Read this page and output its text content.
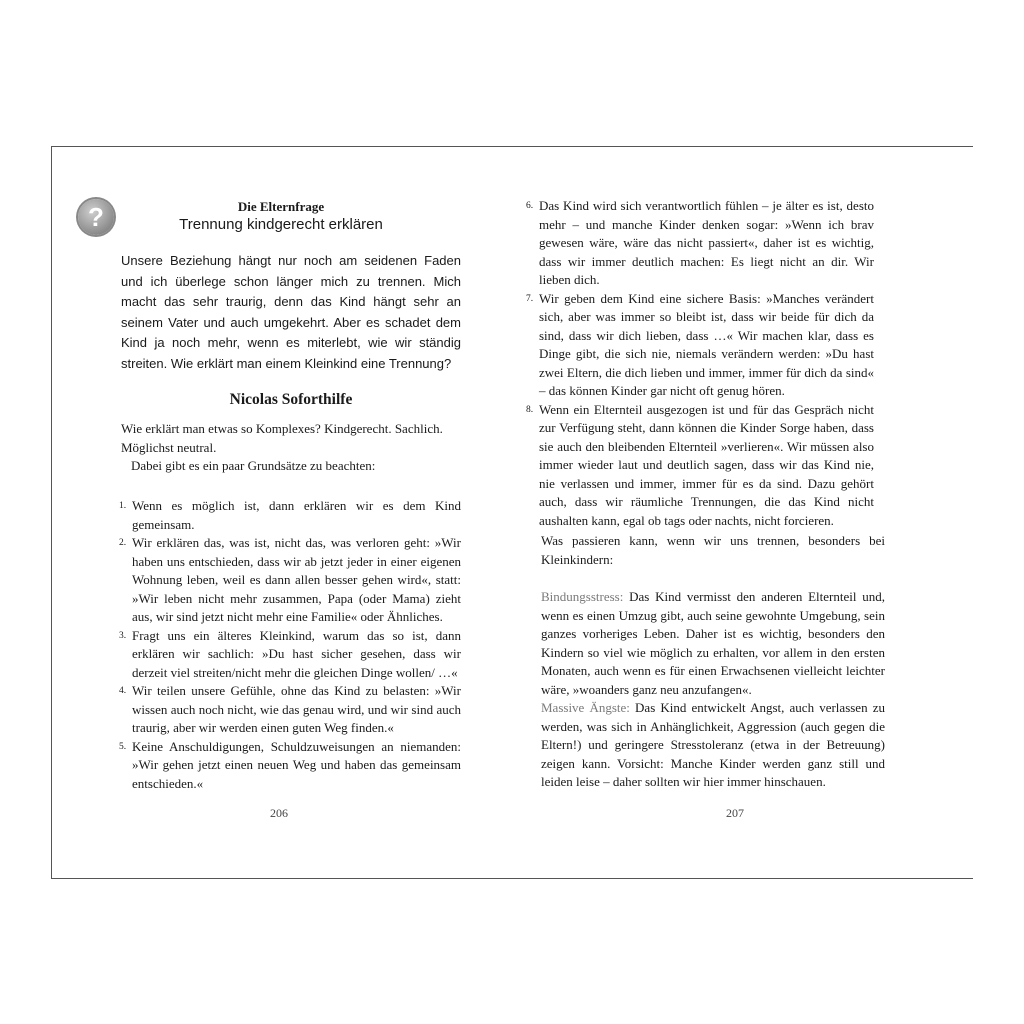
?	Die Elternfrage
Trennung kindgerecht erklären
Unsere Beziehung hängt nur noch am seidenen Faden und ich überlege schon länger mich zu trennen. Mich macht das sehr traurig, denn das Kind hängt sehr an seinem Vater und auch umgekehrt. Aber es schadet dem Kind ja noch mehr, wenn es miterlebt, wie wir ständig streiten. Wie erklärt man einem Kleinkind eine Trennung?
Nicolas Soforthilfe

Wie erklärt man etwas so Komplexes? Kindgerecht. Sachlich. Möglichst neutral.

Dabei gibt es ein paar Grundsätze zu beachten:

1. Wenn es möglich ist, dann erklären wir es dem Kind gemeinsam.
2. Wir erklären das, was ist, nicht das, was verloren geht: »Wir haben uns entschieden, dass wir ab jetzt jeder in einer eigenen Wohnung leben, weil es dann allen besser gehen wird«, statt: »Wir leben nicht mehr zusammen, Papa (oder Mama) zieht aus, wir sind jetzt nicht mehr eine Familie« oder Ähnliches.
3. Fragt uns ein älteres Kleinkind, warum das so ist, dann erklären wir sachlich: »Du hast sicher gesehen, dass wir derzeit viel streiten/nicht mehr die gleichen Dinge wollen/ …«
4. Wir teilen unsere Gefühle, ohne das Kind zu belasten: »Wir wissen auch noch nicht, wie das genau wird, und wir sind auch traurig, aber wir werden einen guten Weg finden.«
5. Keine Anschuldigungen, Schuldzuweisungen an niemanden: »Wir gehen jetzt einen neuen Weg und haben das gemeinsam entschieden.«
206
6. Das Kind wird sich verantwortlich fühlen – je älter es ist, desto mehr – und manche Kinder denken sogar: »Wenn ich brav gewesen wäre, wäre das nicht passiert«, daher ist es wichtig, dass wir immer deutlich machen: Es liegt nicht an dir. Wir lieben dich.
7. Wir geben dem Kind eine sichere Basis: »Manches verändert sich, aber was immer so bleibt ist, dass wir beide für dich da sind, dass wir dich lieben, dass …« Wir machen klar, dass es Dinge gibt, die sich nie, niemals verändern werden: »Du hast zwei Eltern, die dich lieben und immer, immer für dich da sind« – das können Kinder gar nicht oft genug hören.
8. Wenn ein Elternteil ausgezogen ist und für das Gespräch nicht zur Verfügung steht, dann können die Kinder Sorge haben, dass sie auch den bleibenden Elternteil »verlieren«. Wir müssen also immer wieder laut und deutlich sagen, dass wir das Kind nie, nie verlassen und immer, immer für es da sind. Dazu gehört auch, dass wir räumliche Trennungen, die das Kind nicht aushalten kann, egal ob tags oder nachts, nicht forcieren.
Was passieren kann, wenn wir uns trennen, besonders bei Kleinkindern:

Bindungsstress: Das Kind vermisst den anderen Elternteil und, wenn es einen Umzug gibt, auch seine gewohnte Umgebung, sein ganzes vorheriges Leben. Daher ist es wichtig, besonders den Kindern so viel wie möglich zu erhalten, vor allem in den ersten Monaten, auch wenn es für einen Erwachsenen vielleicht leichter wäre, »woanders ganz neu anzufangen«.

Massive Ängste: Das Kind entwickelt Angst, auch verlassen zu werden, was sich in Anhänglichkeit, Aggression (auch gegen die Eltern!) und geringere Stresstoleranz (etwa in der Betreuung) zeigen kann. Vorsicht: Manche Kinder werden ganz still und leiden leise – daher sollten wir hier immer hinschauen.

207
